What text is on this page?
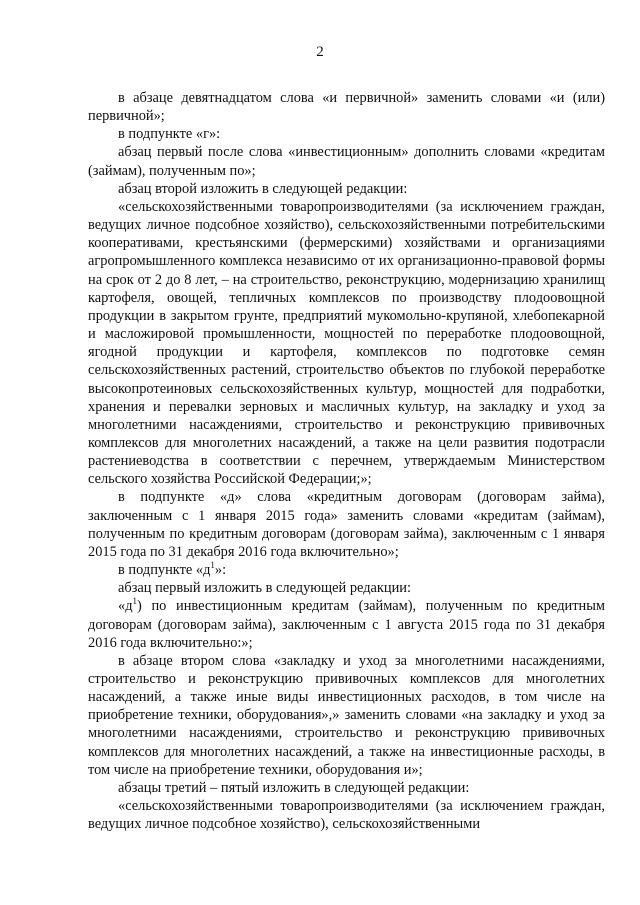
2

в абзаце девятнадцатом слова «и первичной» заменить словами «и (или) первичной»;

в подпункте «г»:

абзац первый после слова «инвестиционным» дополнить словами «кредитам (займам), полученным по»;

абзац второй изложить в следующей редакции:

«сельскохозяйственными товаропроизводителями (за исключением граждан, ведущих личное подсобное хозяйство), сельскохозяйственными потребительскими кооперативами, крестьянскими (фермерскими) хозяйствами и организациями агропромышленного комплекса независимо от их организационно-правовой формы на срок от 2 до 8 лет, – на строительство, реконструкцию, модернизацию хранилищ картофеля, овощей, тепличных комплексов по производству плодоовощной продукции в закрытом грунте, предприятий мукомольно-крупяной, хлебопекарной и масложировой промышленности, мощностей по переработке плодоовощной, ягодной продукции и картофеля, комплексов по подготовке семян сельскохозяйственных растений, строительство объектов по глубокой переработке высокопротеиновых сельскохозяйственных культур, мощностей для подработки, хранения и перевалки зерновых и масличных культур, на закладку и уход за многолетними насаждениями, строительство и реконструкцию прививочных комплексов для многолетних насаждений, а также на цели развития подотрасли растениеводства в соответствии с перечнем, утверждаемым Министерством сельского хозяйства Российской Федерации;»;

в подпункте «д» слова «кредитным договорам (договорам займа), заключенным с 1 января 2015 года» заменить словами «кредитам (займам), полученным по кредитным договорам (договорам займа), заключенным с 1 января 2015 года по 31 декабря 2016 года включительно»;

в подпункте «$д^1$»:

абзац первый изложить в следующей редакции:

«$д^1$) по инвестиционным кредитам (займам), полученным по кредитным договорам (договорам займа), заключенным с 1 августа 2015 года по 31 декабря 2016 года включительно:»;

в абзаце втором слова «закладку и уход за многолетними насаждениями, строительство и реконструкцию прививочных комплексов для многолетних насаждений, а также иные виды инвестиционных расходов, в том числе на приобретение техники, оборудования»,» заменить словами «на закладку и уход за многолетними насаждениями, строительство и реконструкцию прививочных комплексов для многолетних насаждений, а также на инвестиционные расходы, в том числе на приобретение техники, оборудования и»;

абзацы третий – пятый изложить в следующей редакции:

«сельскохозяйственными товаропроизводителями (за исключением граждан, ведущих личное подсобное хозяйство), сельскохозяйственными
